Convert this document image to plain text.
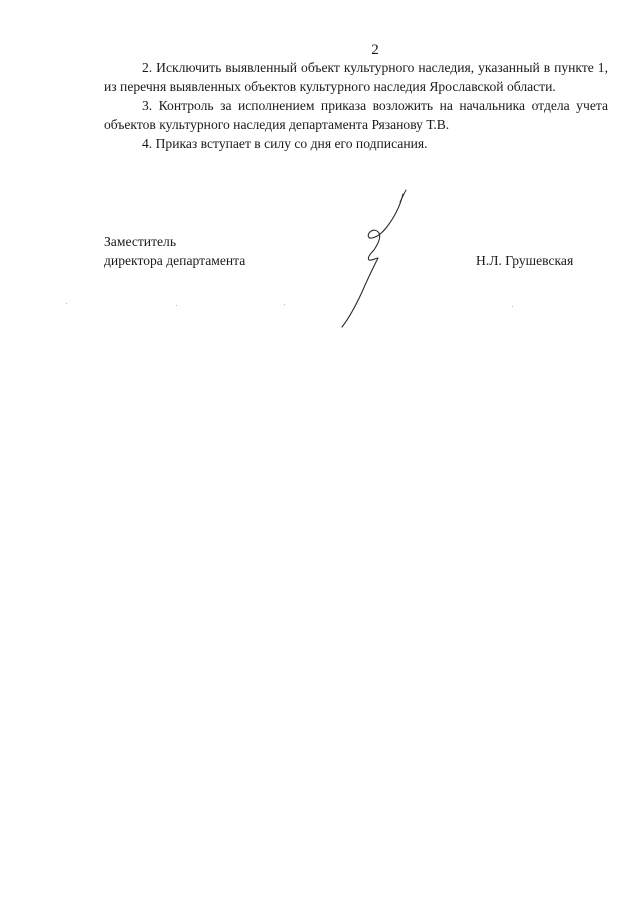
2

2. Исключить выявленный объект культурного наследия, указанный в пункте 1, из перечня выявленных объектов культурного наследия Ярославской области.

3. Контроль за исполнением приказа возложить на начальника отдела учета объектов культурного наследия департамента Рязанову Т.В.

4. Приказ вступает в силу со дня его подписания.

Заместитель
директора департамента	Н.Л. Грушевская
